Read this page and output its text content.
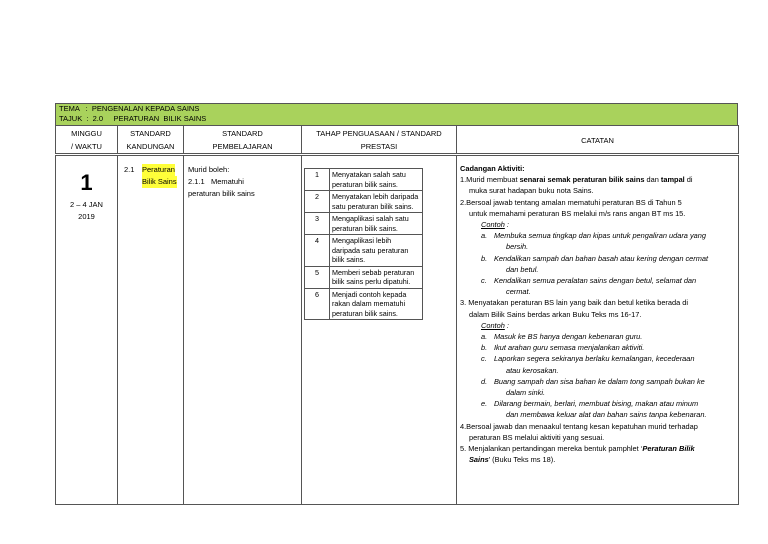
TEMA   :  PENGENALAN KEPADA SAINS
TAJUK  :  2.0     PERATURAN  BILIK SAINS
MINGGU
/ WAKTU

STANDARD
KANDUNGAN

STANDARD
PEMBELAJARAN

TAHAP PENGUASAAN / STANDARD
PRESTASI

CATATAN

1
2 – 4 JAN
2019

2.1	Peraturan
Bilik Sains

Murid boleh:
2.1.1 Mematuhi
peraturan bilik sains

1	Menyatakan salah satu peraturan bilik sains.
2	Menyatakan lebih daripada satu peraturan bilik sains.
3	Mengaplikasi salah satu peraturan bilik sains.
4	Mengaplikasi lebih daripada satu peraturan bilik sains.
5	Memberi sebab peraturan bilik sains perlu dipatuhi.
6	Menjadi contoh kepada rakan dalam mematuhi peraturan bilik sains.

Cadangan Aktiviti:
1.Murid membuat senarai semak peraturan bilik sains dan tampal di
muka surat hadapan buku nota Sains.
2.Bersoal jawab tentang amalan mematuhi peraturan BS di Tahun 5
untuk memahami peraturan BS melalui m/s rans angan BT ms 15.
Contoh :
a. Membuka semua tingkap dan kipas untuk pengaliran udara yang
bersih.
b. Kendalikan sampah dan bahan basah atau kering dengan cermat
dan betul.
c. Kendalikan semua peralatan sains dengan betul, selamat dan
cermat.
3. Menyatakan peraturan BS lain yang baik dan betul ketika berada di
dalam Bilik Sains berdas arkan Buku Teks ms 16-17.
Contoh :
a. Masuk ke BS hanya dengan kebenaran guru.
b. Ikut arahan guru semasa menjalankan aktiviti.
c. Laporkan segera sekiranya berlaku kemalangan, kecederaan
atau kerosakan.
d. Buang sampah dan sisa bahan ke dalam tong sampah bukan ke
dalam sinki.
e. Dilarang bermain, berlari, membuat bising, makan atau minum
dan membawa keluar alat dan bahan sains tanpa kebenaran.
4.Bersoal jawab dan menaakul tentang kesan kepatuhan murid terhadap
peraturan BS melalui aktiviti yang sesuai.
5. Menjalankan pertandingan mereka bentuk pamphlet ‘Peraturan Bilik
Sains’ (Buku Teks ms 18).
